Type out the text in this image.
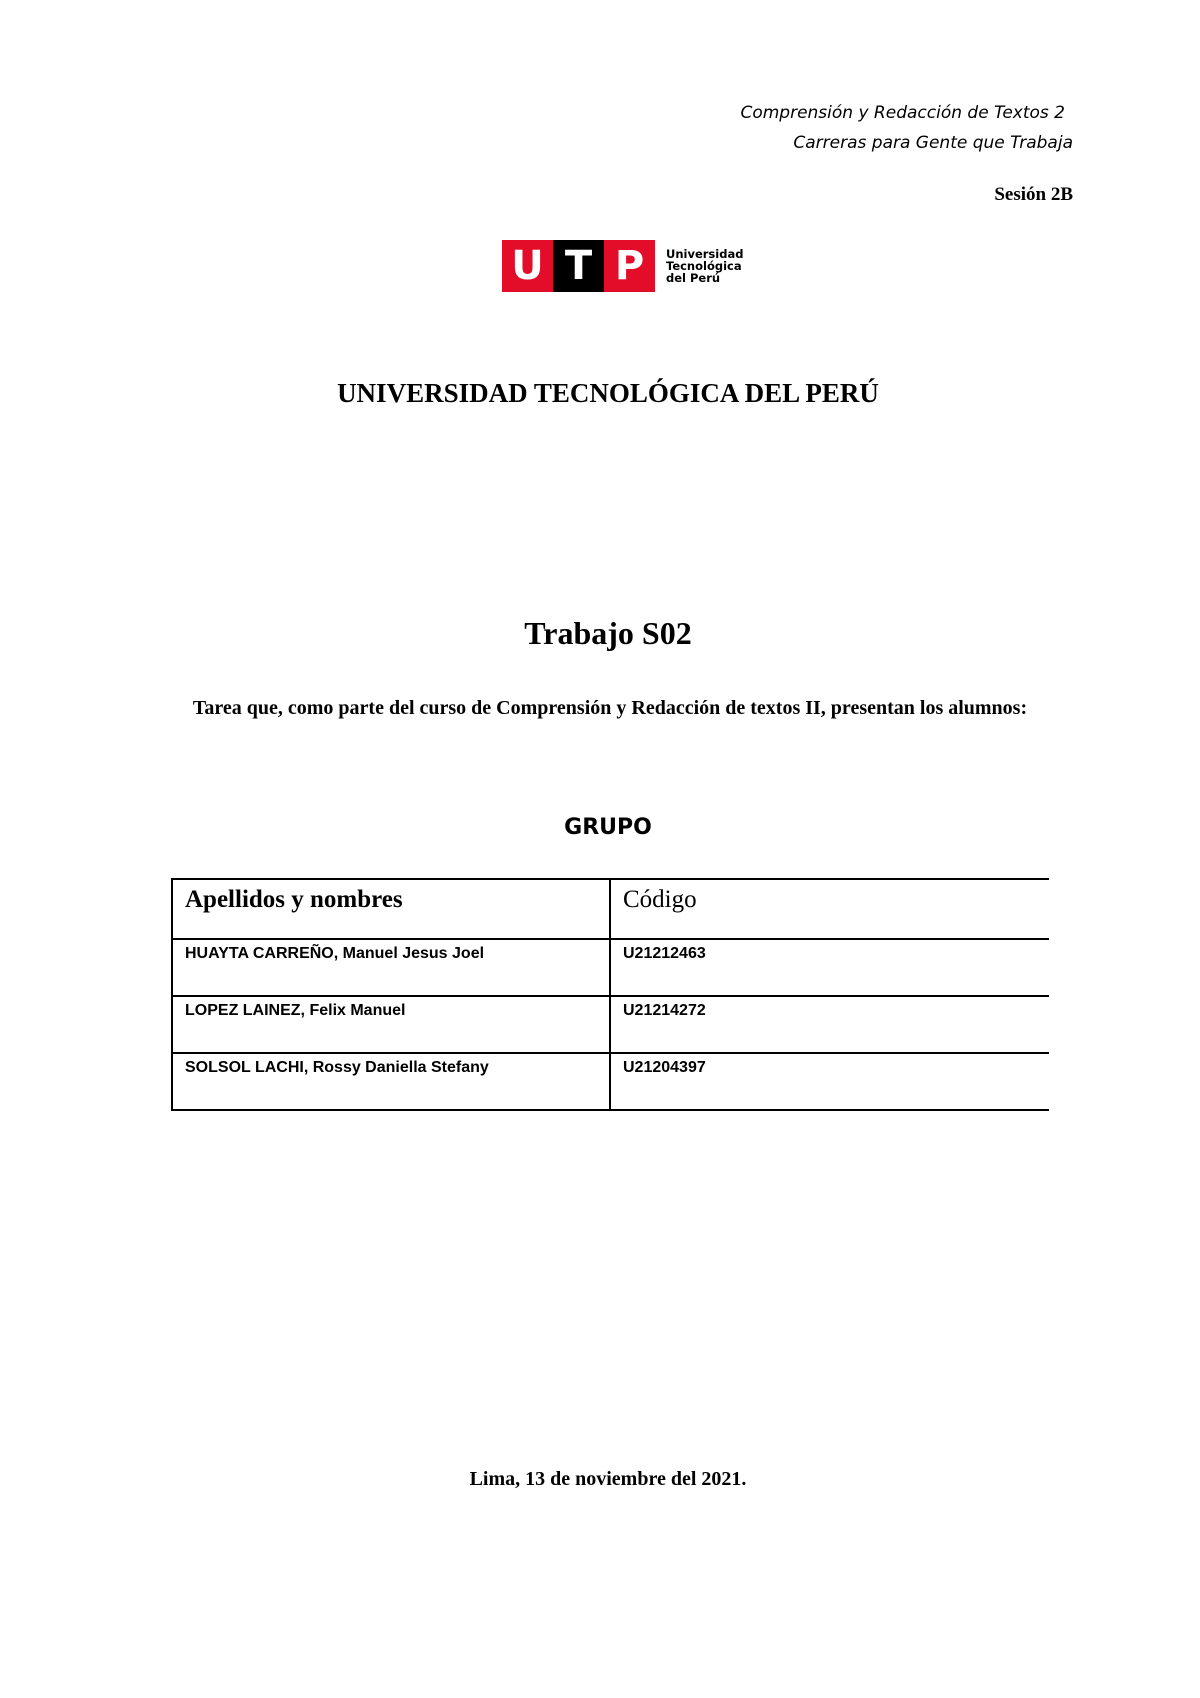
Comprensión y Redacción de Textos 2
Carreras para Gente que Trabaja
Sesión 2B
U T P	Universidad
Tecnológica
del Perú
UNIVERSIDAD TECNOLÓGICA DEL PERÚ
Trabajo S02
Tarea que, como parte del curso de Comprensión y Redacción de textos II, presentan los alumnos:
GRUPO
Apellidos y nombres	Código
HUAYTA CARREÑO, Manuel Jesus Joel	U21212463
LOPEZ LAINEZ, Felix Manuel	U21214272
SOLSOL LACHI, Rossy Daniella Stefany	U21204397
Lima, 13 de noviembre del 2021.
